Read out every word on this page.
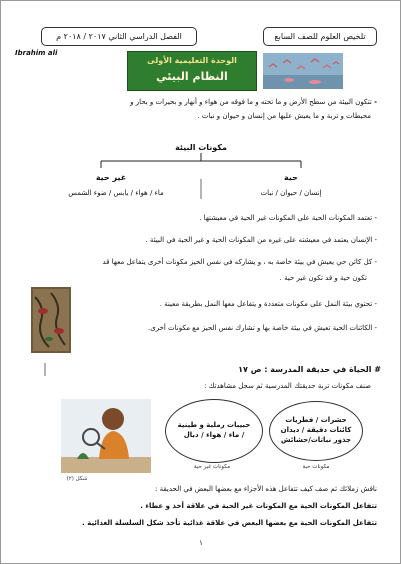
الفصل الدراسي الثاني ٢٠١٧ / ٢٠١٨ م	تلخيص العلوم للصف السابع
Ibrahim ali
الوحدة التعليمية الأولى
النظام البيئي
- تتكون البيئة من سطح الأرض و ما تحته و ما فوقه من هواء و أنهار و بحيرات و بحار و
محيطات و تربة و ما يعيش عليها من إنسان و حيوان و نبات .
مكونات البيئة
حية
غير حية
إنسان / حيوان / نبات
ماء / هواء / يابس / ضوء الشمس
- تعتمد المكونات الحية على المكونات غير الحية في معيشتها .
- الإنسان يعتمد في معيشته على غيره من المكونات الحية و غير الحية في البيئة .
- كل كائن حي يعيش في بيئة خاصة به ، و يشاركه في نفس الحيز مكونات أخرى يتفاعل معها قد
تكون حية و قد تكون غير حية .
- تحتوي بيئة النمل على مكونات متعددة و يتفاعل معها النمل بطريقة معينة .
- الكائنات الحية تعيش في بيئة خاصة بها و تشارك نفس الحيز مع مكونات أخرى.
# الحياة في حديقة المدرسة : ص ١٧
صنف مكونات تربة حديقتك المدرسية ثم سجل مشاهدتك :
شكل (٢)
حبيبات رملية و طينية / ماء / هواء / دبال
مكونات غير حية
حشرات / فطريات كائنات دقيقة / ديدان جذور نباتات/حشائش
مكونات حية
ناقش زملائك ثم صف كيف تتفاعل هذه الأجزاء مع بعضها البعض في الحديقة :
تتفاعل المكونات الحية مع المكونات غير الحية في علاقة أخذ و عطاء .
تتفاعل المكونات الحية مع بعضها البعض في علاقة غذائية تأخذ شكل السلسلة الغذائية .
١
